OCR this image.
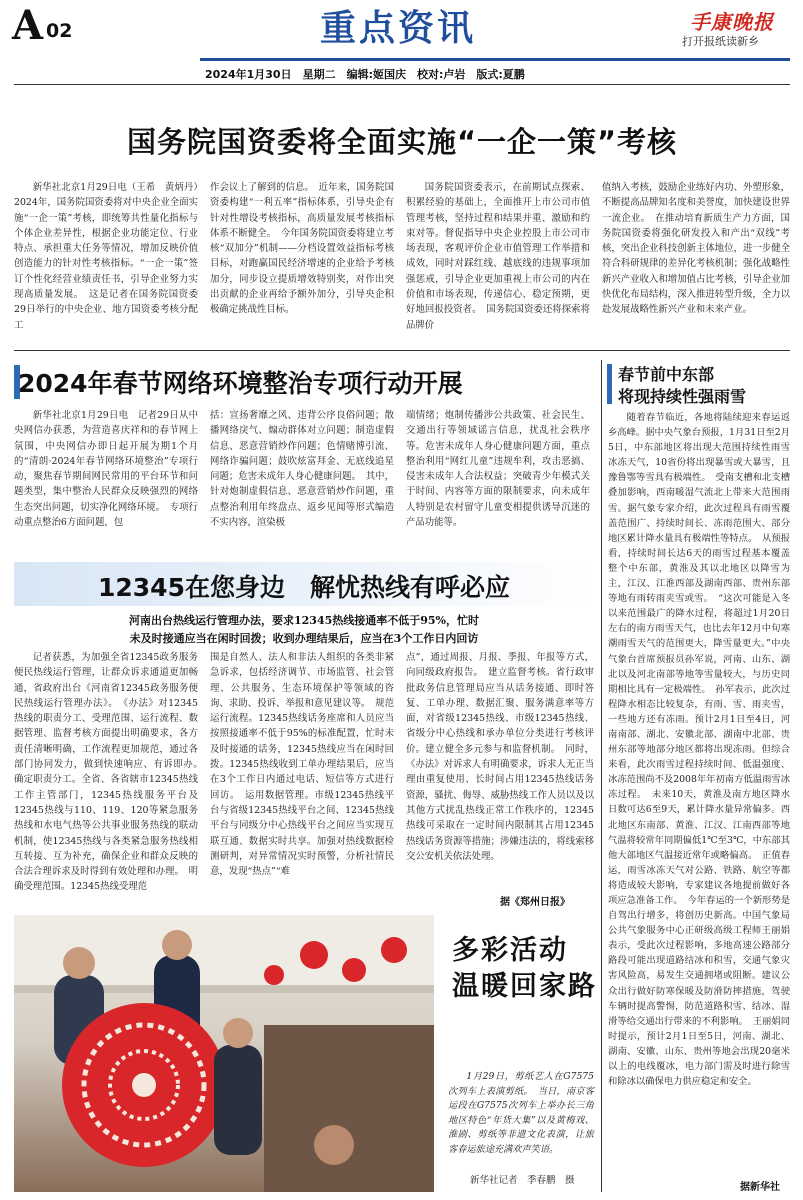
A 02	重点资讯	手康晚报
打开报纸读新乡
2024年1月30日　星期二　编辑:姬国庆　校对:卢岩　版式:夏鹏
国务院国资委将全面实施“一企一策”考核
新华社北京1月29日电（王希　黄炳丹）2024年，国务院国资委将对中央企业全面实施“一企一策”考核，即统筹共性量化指标与个体企业差异性，根据企业功能定位、行业特点、承担重大任务等情况，增加反映价值创造能力的针对性考核指标。“一企一策”签订个性化经营业绩责任书，引导企业努力实现高质量发展。　这是记者在国务院国资委29日举行的中央企业、地方国资委考核分配工
作会议上了解到的信息。　近年来，国务院国资委构建“一利五率”指标体系，引导央企有针对性增设考核指标，高质量发展考核指标体系不断健全。　今年国务院国资委将建立考核“双加分”机制——分档设置效益指标考核目标，对跑赢国民经济增速的企业给予考核加分，同步设立提质增效特别奖，对作出突出贡献的企业再给予额外加分，引导央企积极确定挑战性目标。
国务院国资委表示，在前期试点探索、积累经验的基础上，全面推开上市公司市值管理考核，坚持过程和结果并重、激励和约束对等。督促指导中央企业控股上市公司市场表现，客观评价企业市值管理工作举措和成效，同时对踩红线、越底线的违规事项加强惩戒，引导企业更加重视上市公司的内在价值和市场表现，传递信心、稳定预期，更好地回报投资者。　国务院国资委还将探索将品牌价
值纳入考核，鼓励企业练好内功、外塑形象，不断提高品牌知名度和美誉度，加快建设世界一流企业。　在推动培育新质生产力方面，国务院国资委将强化研发投入和产出“双线”考核，突出企业科技创新主体地位，进一步健全符合科研规律的差异化考核机制；强化战略性新兴产业收入和增加值占比考核，引导企业加快优化布局结构，深入推进转型升级，全力以赴发展战略性新兴产业和未来产业。
2024年春节网络环境整治专项行动开展
新华社北京1月29日电　记者29日从中央网信办获悉，为营造喜庆祥和的春节网上氛围，中央网信办即日起开展为期1个月的“清朗·2024年春节网络环境整治”专项行动，聚焦春节期间网民常用的平台环节和问题类型，集中整治人民群众反映强烈的网络生态突出问题，切实净化网络环境。　专项行动重点整治6方面问题，包
括：宣扬奢靡之风、违背公序良俗问题；散播网络戾气、煽动群体对立问题；制造虚假信息、恶意营销炒作问题；色情赌博引流、网络诈骗问题；鼓吹炫富拜金、无底线追星问题；危害未成年人身心健康问题。　其中，针对炮制虚假信息、恶意营销炒作问题，重点整治利用年终盘点、返乡见闻等形式编造不实内容，渲染极
端情绪；炮制传播涉公共政策、社会民生、交通出行等领域谣言信息，扰乱社会秩序等。危害未成年人身心健康问题方面，重点整治利用“网红儿童”违规牟利，攻击恶搞、侵害未成年人合法权益；突破青少年模式关于时间、内容等方面的限制要求，向未成年人特别是农村留守儿童变相提供诱导沉迷的产品功能等。
春节前中东部
将现持续性强雨雪
随着春节临近，各地将陆续迎来春运返乡高峰。据中央气象台预报，1月31日至2月5日，中东部地区将出现大范围持续性雨雪冰冻天气，10省份将出现暴雪或大暴雪，且豫鲁鄂等雪具有极端性。　受南支槽和北支槽叠加影响，西南暖湿气流北上带来大范围雨雪。据气象专家介绍，此次过程具有雨雪覆盖范围广、持续时间长、冻雨范围大、部分地区累计降水量具有极端性等特点。　从预报看，持续时间长达6天的雨雪过程基本覆盖整个中东部，黄淮及其以北地区以降雪为主，江汉、江淮西部及湖南西部、贵州东部等地有雨转雨夹雪或雪。　“这次可能是入冬以来范围最广的降水过程，将超过1月20日左右的南方雨雪天气，也比去年12月中旬寒潮雨雪天气的范围更大，降雪量更大。”中央气象台首席预报员孙军说，河南、山东、湖北以及河北南部等地等雪量较大，与历史同期相比具有一定极端性。　孙军表示，此次过程降水相态比较复杂，有雨、雪、雨夹雪，一些地方还有冻雨。预计2月1日至4日，河南南部、湖北、安徽北部、湖南中北部、贵州东部等地部分地区都将出现冻雨。但综合来看，此次雨雪过程持续时间、低温强度、冰冻范围尚不及2008年年初南方低温雨雪冰冻过程。　未来10天，黄淮及南方地区降水日数可达6至9天，累计降水量异常偏多。西北地区东南部、黄淮、江汉、江南西部等地气温将较常年同期偏低1℃至3℃，中东部其他大部地区气温接近常年或略偏高。　正值春运，雨雪冰冻天气对公路、铁路、航空等都将造成较大影响，专家建议各地提前做好各项应急准备工作。　今年春运的一个新形势是自驾出行增多，将创历史新高。中国气象局公共气象服务中心正研级高级工程师王丽娟表示，受此次过程影响，多地高速公路部分路段可能出现道路结冰和积雪，交通气象灾害风险高，易发生交通拥堵或阻断。建议公众出行做好防寒保暖及防滑防摔措施，驾驶车辆时提高警惕，防范道路积雪、结冰、湿滑等给交通出行带来的不利影响。　王丽娟同时提示，预计2月1日至5日，河南、湖北、湖南、安徽、山东、贵州等地会出现20毫米以上的电线覆冰，电力部门需及时进行除雪和除冰以确保电力供应稳定和安全。
据新华社
12345在您身边　解忧热线有呼必应
河南出台热线运行管理办法，要求12345热线接通率不低于95%，忙时
未及时接通应当在闲时回拨；收到办理结果后，应当在3个工作日内回访
记者获悉，为加强全省12345政务服务便民热线运行管理，让群众诉求通道更加畅通，省政府出台《河南省12345政务服务便民热线运行管理办法》。　《办法》对12345热线的职责分工、受理范围、运行流程、数据管理、监督考核方面提出明确要求，各方责任清晰明确，工作流程更加规范，通过各部门协同发力，做到快速响应、有诉即办。　确定职责分工。全省、各省辖市12345热线工作主管部门，12345热线服务平台及12345热线与110、119、120等紧急服务热线和水电气热等公共事业服务热线的联动机制，使12345热线与各类紧急服务热线相互转接、互为补充，确保企业和群众反映的合法合理诉求及时得到有效处理和办理。　明确受理范围。12345热线受理范
围是自然人、法人和非法人组织的各类非紧急诉求，包括经济调节、市场监管、社会管理、公共服务、生态环境保护等领域的咨询、求助、投诉、举报和意见建议等。　规范运行流程。12345热线话务座席和人员应当按照接通率不低于95%的标准配置，忙时未及时接通的话务，12345热线应当在闲时回拨。12345热线收到工单办理结果后，应当在3个工作日内通过电话、短信等方式进行回访。　运用数据管理。市级12345热线平台与省级12345热线平台之间、12345热线平台与同级分中心热线平台之间应当实现互联互通、数据实时共享。加强对热线数据检测研判，对异常情况实时预警，分析社情民意，发现“热点”“难
点”，通过周报、月报、季报、年报等方式，向同级政府报告。　建立监督考核。省行政审批政务信息管理局应当从话务接通、即时答复、工单办理、数据汇聚、服务满意率等方面，对省级12345热线、市级12345热线、省级分中心热线和承办单位分类进行考核评价。建立健全多元参与和监督机制。　同时，《办法》对诉求人有明确要求，诉求人无正当理由重复使用、长时间占用12345热线话务资源，骚扰、侮辱、威胁热线工作人员以及以其他方式扰乱热线正常工作秩序的，12345热线可采取在一定时间内限制其占用12345热线话务资源等措施；涉嫌违法的，将线索移交公安机关依法处理。
据《郑州日报》
多彩活动
温暖回家路
1月29日，剪纸艺人在G7575次列车上表演剪纸。　当日，南京客运段在G7575次列车上举办长三角地区特色“年货大集”以及黄梅戏、淮剧、剪纸等非遗文化表演，让旅客春运旅途充满欢声笑语。
新华社记者　季春鹏　摄
